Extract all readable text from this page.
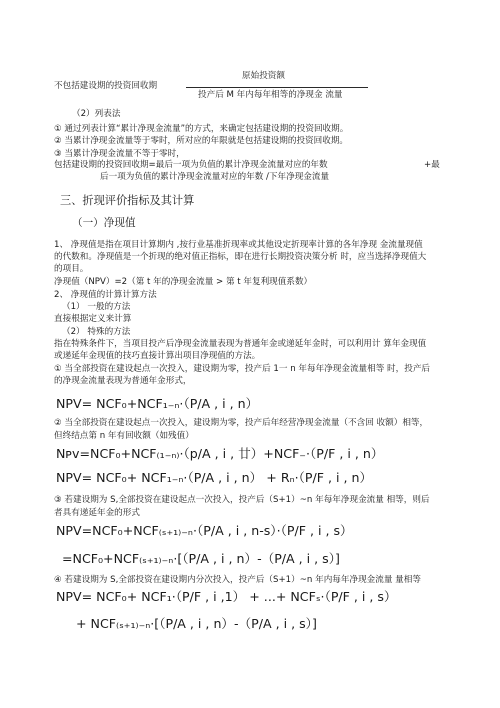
不包括建设期的投资回收期
原始投资额
投产后 M 年内每年相等的净现金 流量
（2）列表法
① 通过列表计算“累计净现金流量”的方式，来确定包括建设期的投资回收期。
② 当累计净现金流量等于零时，所对应的年限就是包括建设期的投资回收期。
③ 当累计净现金流量不等于零时，
包括建设期的投资回收期=最后一项为负值的累计净现金流量对应的年数	+最
后一项为负值的累计净现金流量对应的年数 /下年净现金流量
三、折现评价指标及其计算
（一）净现值
1、 净现值是指在项目计算期内 ,按行业基准折现率或其他设定折现率计算的各年净现 金流量现值
的代数和。净现值是一个折现的绝对值正指标，即在进行长期投资决策分析 时，应当选择净现值大
的项目。
净现值（NPV）=2（第 t 年的净现金流量 > 第 t 年复利现值系数）
2、 净现值的计算计算方法
（1） 一般的方法
直接根据定义来计算
（2） 特殊的方法
指在特殊条件下，当项目投产后净现金流量表现为普通年金或递延年金时，可以利用计 算年金现值
或递延年金现值的技巧直接计算出项目净现值的方法。
① 当全部投资在建设起点一次投入，建设期为零，投产后 1一 n 年每年净现金流量相等 时，投产后
的净现金流量表现为普通年金形式，
NPV= NCF₀+NCF₁₋ₙ·（P/A , i , n）
② 当全部投资在建设起点一次投入，建设期为零，投产后年经营净现金流量（不含回 收额）相等，
但终结点第 n 年有回收额（如残值）
Nᴘᴠ=NCF₀+NCF₍₁₋ₙ₎·（p/A , i , 廿）+NCF₋·（P/F , i , n）
NPV= NCF₀+ NCF₁₋ₙ·（P/A , i , n） + Rₙ·（P/F , i , n）
③ 若建设期为 S,全部投资在建设起点一次投入，投产后（S+1）~n 年每年净现金流量 相等，则后
者具有递延年金的形式
NPV=NCF₀+NCF₍ₛ₊₁₎₋ₙ·（P/A , i , n-s）·（P/F , i , s）
=NCF₀+NCF₍ₛ₊₁₎₋ₙ·[（P/A , i , n）-（P/A , i , s）]
④ 若建设期为 S,全部投资在建设期内分次投入，投产后（S+1）~n 年内每年净现金流量 量相等
NPV= NCF₀+ NCF₁·（P/F , i ,1） + ...+ NCFₛ·（P/F , i , s）
+ NCF₍ₛ₊₁₎₋ₙ·[（P/A , i , n）-（P/A , i , s）]
